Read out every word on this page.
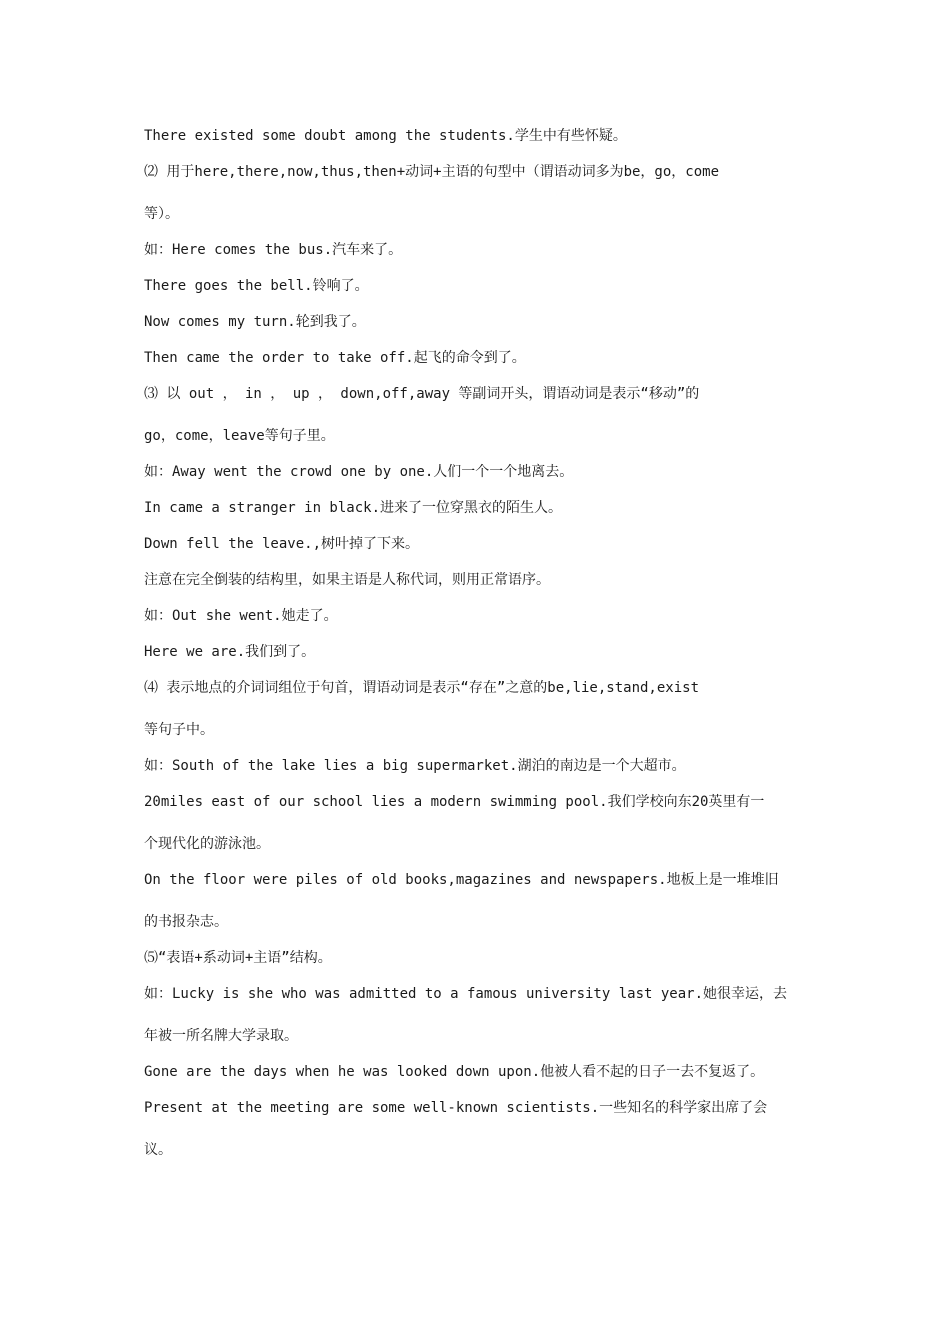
There existed some doubt among the students.学生中有些怀疑。
⑵ 用于here,there,now,thus,then+动词+主语的句型中（谓语动词多为be，go，come
等）。
如：Here comes the bus.汽车来了。
There goes the bell.铃响了。
Now comes my turn.轮到我了。
Then came the order to take off.起飞的命令到了。
⑶ 以 out ， in ， up ， down,off,away 等副词开头，谓语动词是表示“移动”的
go，come，leave等句子里。
如：Away went the crowd one by one.人们一个一个地离去。
In came a stranger in black.进来了一位穿黑衣的陌生人。
Down fell the leave.,树叶掉了下来。
注意在完全倒装的结构里，如果主语是人称代词，则用正常语序。
如：Out she went.她走了。
Here we are.我们到了。
⑷ 表示地点的介词词组位于句首，谓语动词是表示“存在”之意的be,lie,stand,exist
等句子中。
如：South of the lake lies a big supermarket.湖泊的南边是一个大超市。
20miles east of our school lies a modern swimming pool.我们学校向东20英里有一
个现代化的游泳池。
On the floor were piles of old books,magazines and newspapers.地板上是一堆堆旧
的书报杂志。
⑸“表语+系动词+主语”结构。
如：Lucky is she who was admitted to a famous university last year.她很幸运，去
年被一所名牌大学录取。
Gone are the days when he was looked down upon.他被人看不起的日子一去不复返了。
Present at the meeting are some well-known scientists.一些知名的科学家出席了会
议。
